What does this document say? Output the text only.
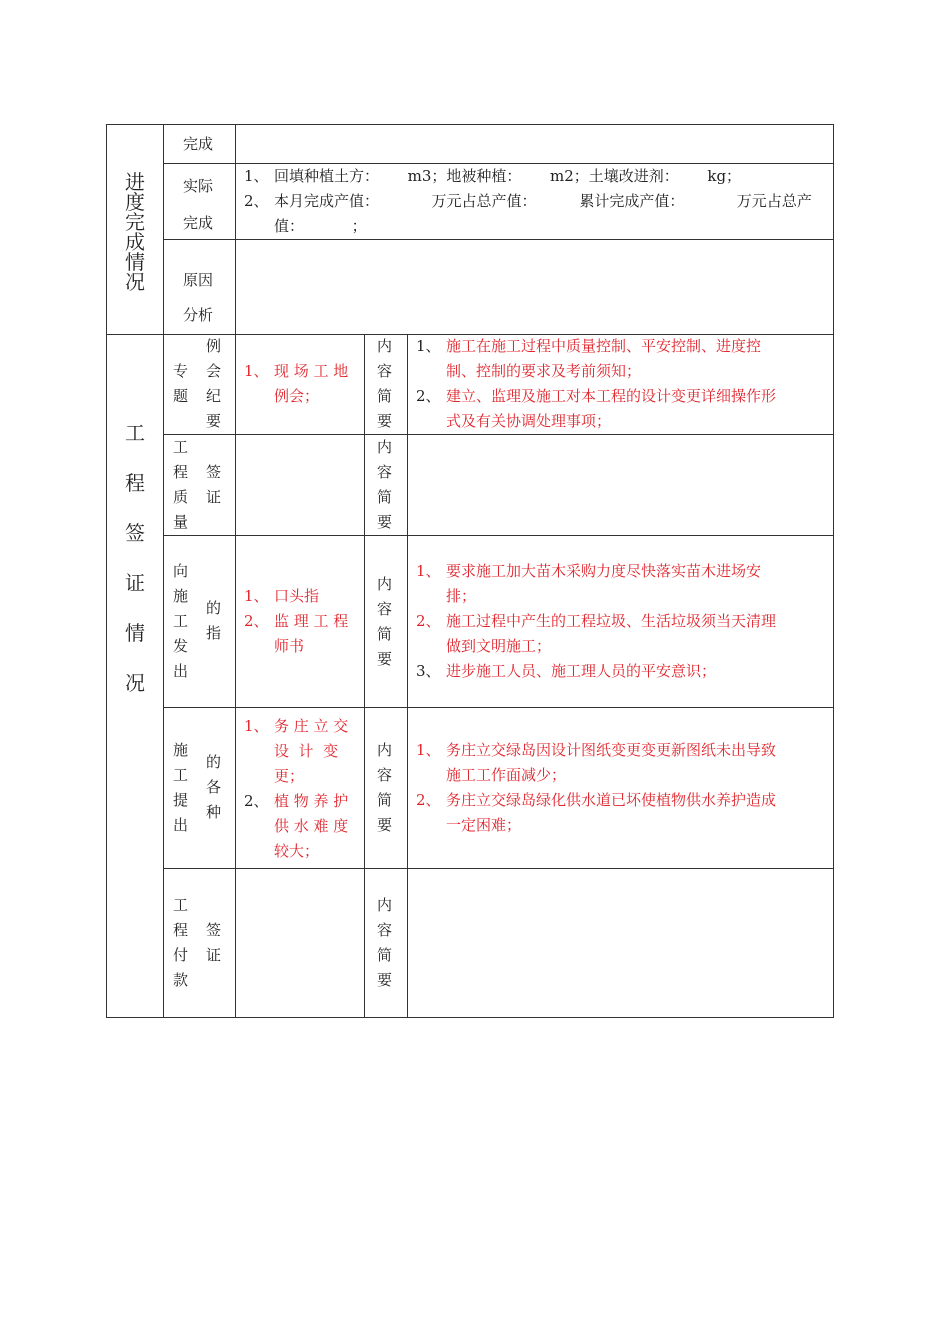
进
度
完
成
情
况
完成
实际
完成
1、 回填种植土方：      m3；地被种植：      m2；土壤改进剂：      kg；
2、 本月完成产值：           万元占总产值：         累计完成产值：           万元占总产
值：          ；
原因
分析
工
程
签
证
情
况
专
题
例
会
纪
要
1、 现 场 工 地
例会；
内
容
简
要
1、 施工在施工过程中质量控制、平安控制、进度控
制、控制的要求及考前须知；
2、 建立、监理及施工对本工程的设计变更详细操作形
式及有关协调处理事项；
工
程
质
量
签
证
内
容
简
要
向
施
工
发
出
的
指
1、 口头指
2、 监 理 工 程
师书
内
容
简
要
1、 要求施工加大苗木采购力度尽快落实苗木进场安
排；
2、 施工过程中产生的工程垃圾、生活垃圾须当天清理
做到文明施工；
3、 进步施工人员、施工理人员的平安意识；
施
工
提
出
的
各
种
1、 务 庄 立 交
设  计  变
更；
2、 植 物 养 护
供 水 难 度
较大；
内
容
简
要
1、 务庄立交绿岛因设计图纸变更变更新图纸未出导致
施工工作面减少；
2、 务庄立交绿岛绿化供水道已坏使植物供水养护造成
一定困难；
工
程
付
款
签
证
内
容
简
要
